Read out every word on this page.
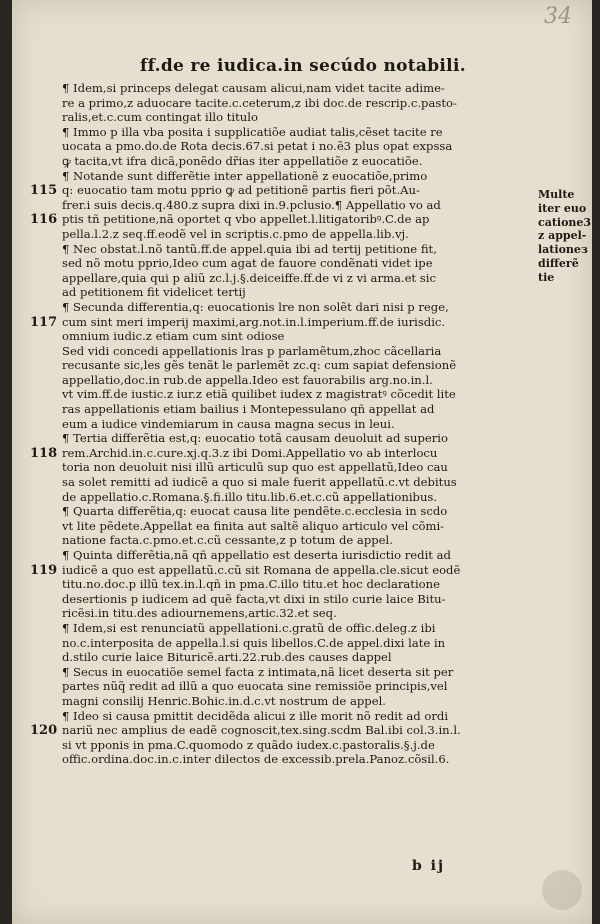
34
ff.de re iudica.in secúdo notabili.
¶ Idem,si princeps delegat causam alicui,nam videt tacite adime-
re a primo,z aduocare tacite.c.ceterum,z ibi doc.de rescrip.c.pasto-
ralis,et.c.cum contingat illo titulo
¶ Immo p illa vba posita i supplicatiõe audiat talis,cẽset tacite re
uocata a pmo.do.de Rota decis.67.si petat i no.ẽ3 plus opat expssa
ꝙ tacita,vt ifra dicã,ponẽdo dr̃ias iter appellatiõe z euocatiõe.
¶ Notande sunt differẽtie inter appellationẽ z euocatiõe,primo
q: euocatio tam motu pprio ꝙ ad petitionẽ partis fieri põt.Au-
frer.i suis decis.q.480.z supra dixi in.9.pclusio.¶ Appellatio vo ad
ptis tñ petitione,nã oportet q vbo appellet.l.litigatoribꝰ.C.de ap
pella.l.2.z seq.ff.eodẽ vel in scriptis.c.pmo de appella.lib.vj.
¶ Nec obstat.l.nõ tantũ.ff.de appel.quia ibi ad tertij petitione fit,
sed nõ motu pprio,Ideo cum agat de fauore condẽnati videt ipe
appellare,quia qui p aliũ zc.l.j.§.deiceiffe.ff.de vi z vi arma.et sic
ad petitionem fit videlicet tertij
¶ Secunda differentia,q: euocationis lre non solẽt dari nisi p rege,
cum sint meri imperij maximi,arg.not.in.l.imperium.ff.de iurisdic.
omnium iudic.z etiam cum sint odiose
Sed vidi concedi appellationis lras p parlamẽtum,zhoc cãcellaria
recusante sic,les gẽs tenãt le parlemẽt zc.q: cum sapiat defensionẽ
appellatio,doc.in rub.de appella.Ideo est fauorabilis arg.no.in.l.
vt vim.ff.de iustic.z iur.z etiã quilibet iudex z magistratꝰ cõcedit lite
ras appellationis etiam bailius i Montepessulano qñ appellat ad
eum a iudice vindemiarum in causa magna secus in leui.
¶ Tertia differẽtia est,q: euocatio totã causam deuoluit ad superio
rem.Archid.in.c.cure.xj.q.3.z ibi Domi.Appellatio vo ab interlocu
toria non deuoluit nisi illũ articulũ sup quo est appellatũ,Ideo cau
sa solet remitti ad iudicẽ a quo si male fuerit appellatũ.c.vt debitus
de appellatio.c.Romana.§.fi.illo titu.lib.6.et.c.cũ appellationibus.
¶ Quarta differẽtia,q: euocat causa lite pendẽte.c.ecclesia in scdo
vt lite pẽdete.Appellat ea finita aut saltẽ aliquo articulo vel cõmi-
natione facta.c.pmo.et.c.cũ cessante,z p totum de appel.
¶ Quinta differẽtia,nã qñ appellatio est deserta iurisdictio redit ad
iudicẽ a quo est appellatũ.c.cũ sit Romana de appella.cle.sicut eodẽ
titu.no.doc.p illũ tex.in.l.qñ in pma.C.illo titu.et hoc declaratione
desertionis p iudicem ad quẽ facta,vt dixi in stilo curie laice Bitu-
ricẽsi.in titu.des adiournemens,artic.32.et seq.
¶ Idem,si est renunciatũ appellationi.c.gratũ de offic.deleg.z ibi
no.c.interposita de appella.l.si quis libellos.C.de appel.dixi late in
d.stilo curie laice Bituricẽ.arti.22.rub.des causes dappel
¶ Secus in euocatiõe semel facta z intimata,nã licet deserta sit per
partes nũq̃ redit ad illũ a quo euocata sine remissiõe principis,vel
magni consilij Henric.Bohic.in.d.c.vt nostrum de appel.
¶ Ideo si causa pmittit decidẽda alicui z ille morit nõ redit ad ordi
nariũ nec amplius de eadẽ cognoscit,tex.sing.scdm Bal.ibi col.3.in.l.
si vt pponis in pma.C.quomodo z quãdo iudex.c.pastoralis.§.j.de
offic.ordina.doc.in.c.inter dilectos de excessib.prela.Panoz.cõsil.6.
115
116
117
118
119
120
Multe
iter euo
catione3
z appel-
lationeз
differẽ
tie
b ij
